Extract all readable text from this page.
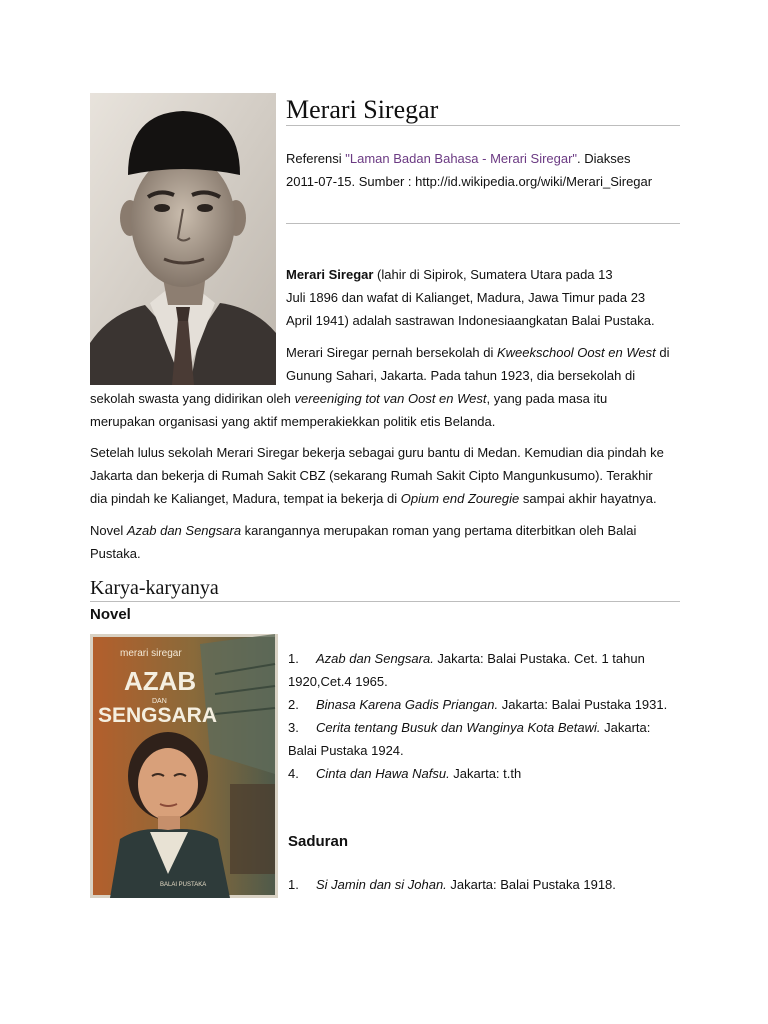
Merari Siregar
Referensi "Laman Badan Bahasa - Merari Siregar". Diakses
2011-07-15. Sumber : http://id.wikipedia.org/wiki/Merari_Siregar
Merari Siregar (lahir di Sipirok, Sumatera Utara pada 13
Juli 1896 dan wafat di Kalianget, Madura, Jawa Timur pada 23
April 1941) adalah sastrawan Indonesiaangkatan Balai Pustaka.
Merari Siregar pernah bersekolah di Kweekschool Oost en West di
Gunung Sahari, Jakarta. Pada tahun 1923, dia bersekolah di
sekolah swasta yang didirikan oleh vereeniging tot van Oost en West, yang pada masa itu
merupakan organisasi yang aktif memperakiekkan politik etis Belanda.
Setelah lulus sekolah Merari Siregar bekerja sebagai guru bantu di Medan. Kemudian dia pindah ke
Jakarta dan bekerja di Rumah Sakit CBZ (sekarang Rumah Sakit Cipto Mangunkusumo). Terakhir
dia pindah ke Kalianget, Madura, tempat ia bekerja di Opium end Zouregie sampai akhir hayatnya.
Novel Azab dan Sengsara karangannya merupakan roman yang pertama diterbitkan oleh Balai
Pustaka.
Karya-karyanya
Novel
merari siregar
AZAB
DAN
SENGSARA
BALAI PUSTAKA
1. Azab dan Sengsara. Jakarta: Balai Pustaka. Cet. 1 tahun
1920,Cet.4 1965.
2. Binasa Karena Gadis Priangan. Jakarta: Balai Pustaka 1931.
3. Cerita tentang Busuk dan Wanginya Kota Betawi. Jakarta:
Balai Pustaka 1924.
4. Cinta dan Hawa Nafsu. Jakarta: t.th
Saduran
1. Si Jamin dan si Johan. Jakarta: Balai Pustaka 1918.
